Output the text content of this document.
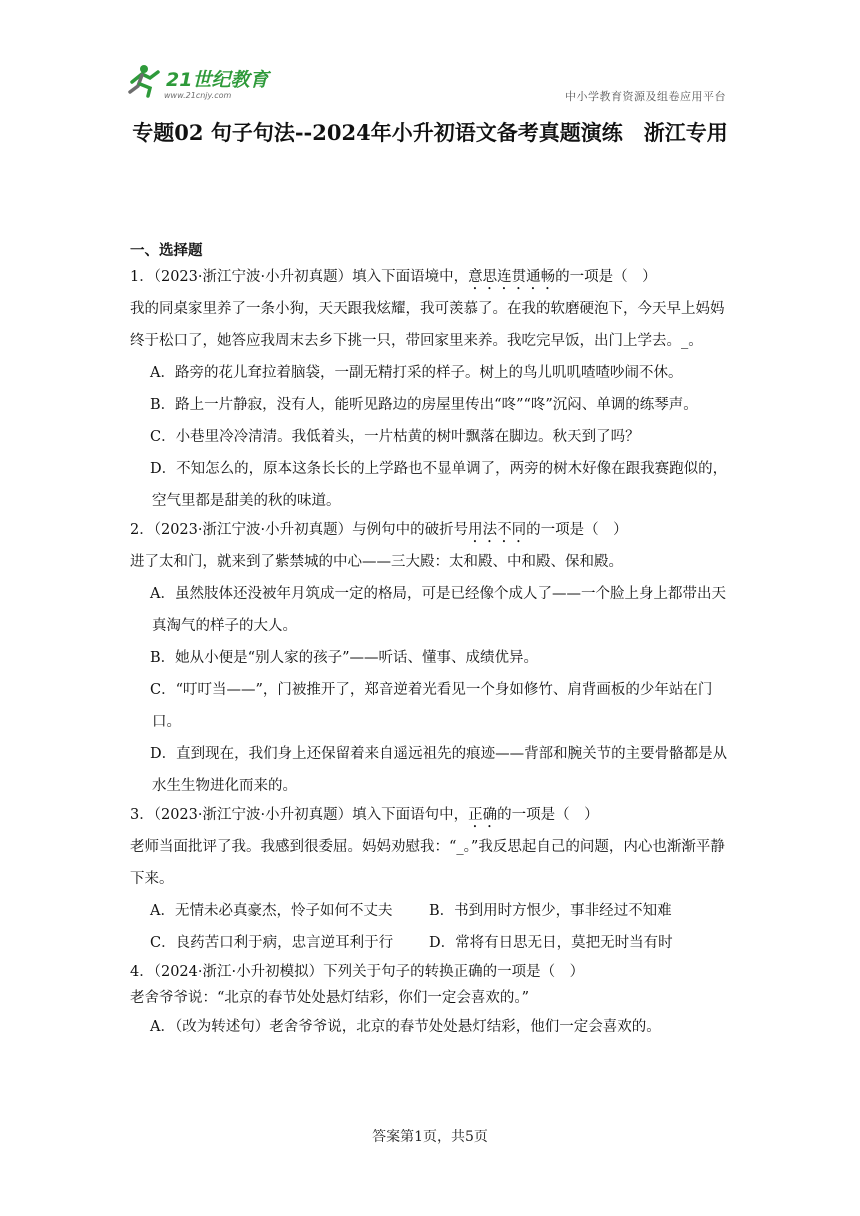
21世纪教育
www.21cnjy.com	中小学教育资源及组卷应用平台
专题02 句子句法--2024年小升初语文备考真题演练　浙江专用
一、选择题
1．（2023·浙江宁波·小升初真题）填入下面语境中，意思连贯通畅的一项是（　）
我的同桌家里养了一条小狗，天天跟我炫耀，我可羡慕了。在我的软磨硬泡下，今天早上妈妈终于松口了，她答应我周末去乡下挑一只，带回家里来养。我吃完早饭，出门上学去。_。
A．路旁的花儿耷拉着脑袋，一副无精打采的样子。树上的鸟儿叽叽喳喳吵闹不休。
B．路上一片静寂，没有人，能听见路边的房屋里传出“咚”“咚”沉闷、单调的练琴声。
C．小巷里冷冷清清。我低着头，一片枯黄的树叶飘落在脚边。秋天到了吗？
D．不知怎么的，原本这条长长的上学路也不显单调了，两旁的树木好像在跟我赛跑似的，空气里都是甜美的秋的味道。
2．（2023·浙江宁波·小升初真题）与例句中的破折号用法不同的一项是（　）
进了太和门，就来到了紫禁城的中心——三大殿：太和殿、中和殿、保和殿。
A．虽然肢体还没被年月筑成一定的格局，可是已经像个成人了——一个脸上身上都带出天真淘气的样子的大人。
B．她从小便是“别人家的孩子”——听话、懂事、成绩优异。
C．“叮叮当——”，门被推开了，郑音逆着光看见一个身如修竹、肩背画板的少年站在门口。
D．直到现在，我们身上还保留着来自遥远祖先的痕迹——背部和腕关节的主要骨骼都是从水生生物进化而来的。
3．（2023·浙江宁波·小升初真题）填入下面语句中，正确的一项是（　）
老师当面批评了我。我感到很委屈。妈妈劝慰我：“_。”我反思起自己的问题，内心也渐渐平静下来。
A．无情未必真豪杰，怜子如何不丈夫	B．书到用时方恨少，事非经过不知难
C．良药苦口利于病，忠言逆耳利于行	D．常将有日思无日，莫把无时当有时
4．（2024·浙江·小升初模拟）下列关于句子的转换正确的一项是（　）
老舍爷爷说：“北京的春节处处悬灯结彩，你们一定会喜欢的。”
A．（改为转述句）老舍爷爷说，北京的春节处处悬灯结彩，他们一定会喜欢的。
答案第1页，共5页
